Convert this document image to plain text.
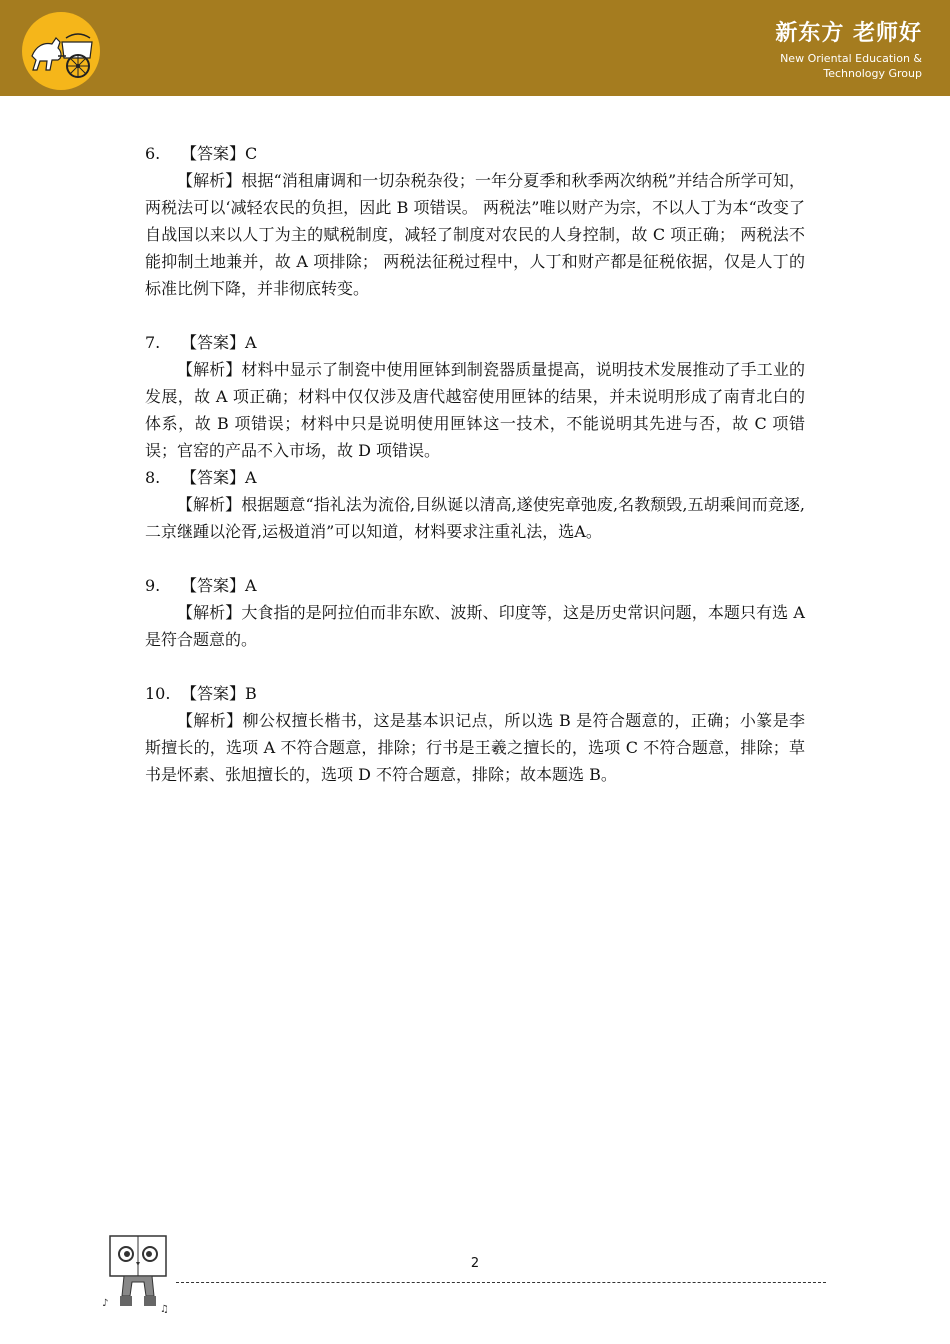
新东方 老师好
New Oriental Education &
Technology Group
6. 【答案】C
【解析】根据“消租庸调和一切杂税杂役；一年分夏季和秋季两次纳税”并结合所学可知，两税法可以‘减轻农民的负担，因此 B 项错误。 两税法”唯以财产为宗，不以人丁为本“改变了自战国以来以人丁为主的赋税制度，减轻了制度对农民的人身控制，故 C 项正确； 两税法不能抑制土地兼并，故 A 项排除； 两税法征税过程中，人丁和财产都是征税依据，仅是人丁的标准比例下降，并非彻底转变。
7. 【答案】A
【解析】材料中显示了制瓷中使用匣钵到制瓷器质量提高，说明技术发展推动了手工业的发展，故 A 项正确；材料中仅仅涉及唐代越窑使用匣钵的结果，并未说明形成了南青北白的体系，故 B 项错误；材料中只是说明使用匣钵这一技术，不能说明其先进与否，故 C 项错误；官窑的产品不入市场，故 D 项错误。
8. 【答案】A
【解析】根据题意“指礼法为流俗,目纵诞以清高,遂使宪章弛废,名教颓毁,五胡乘间而竞逐,二京继踵以沦胥,运极道消”可以知道，材料要求注重礼法，选A。
9. 【答案】A
【解析】大食指的是阿拉伯而非东欧、波斯、印度等，这是历史常识问题，本题只有选 A 是符合题意的。
10. 【答案】B
【解析】柳公权擅长楷书，这是基本识记点，所以选 B 是符合题意的，正确；小篆是李斯擅长的，选项 A 不符合题意，排除；行书是王羲之擅长的，选项 C 不符合题意，排除；草书是怀素、张旭擅长的，选项 D 不符合题意，排除；故本题选 B。
♪
♫
2
